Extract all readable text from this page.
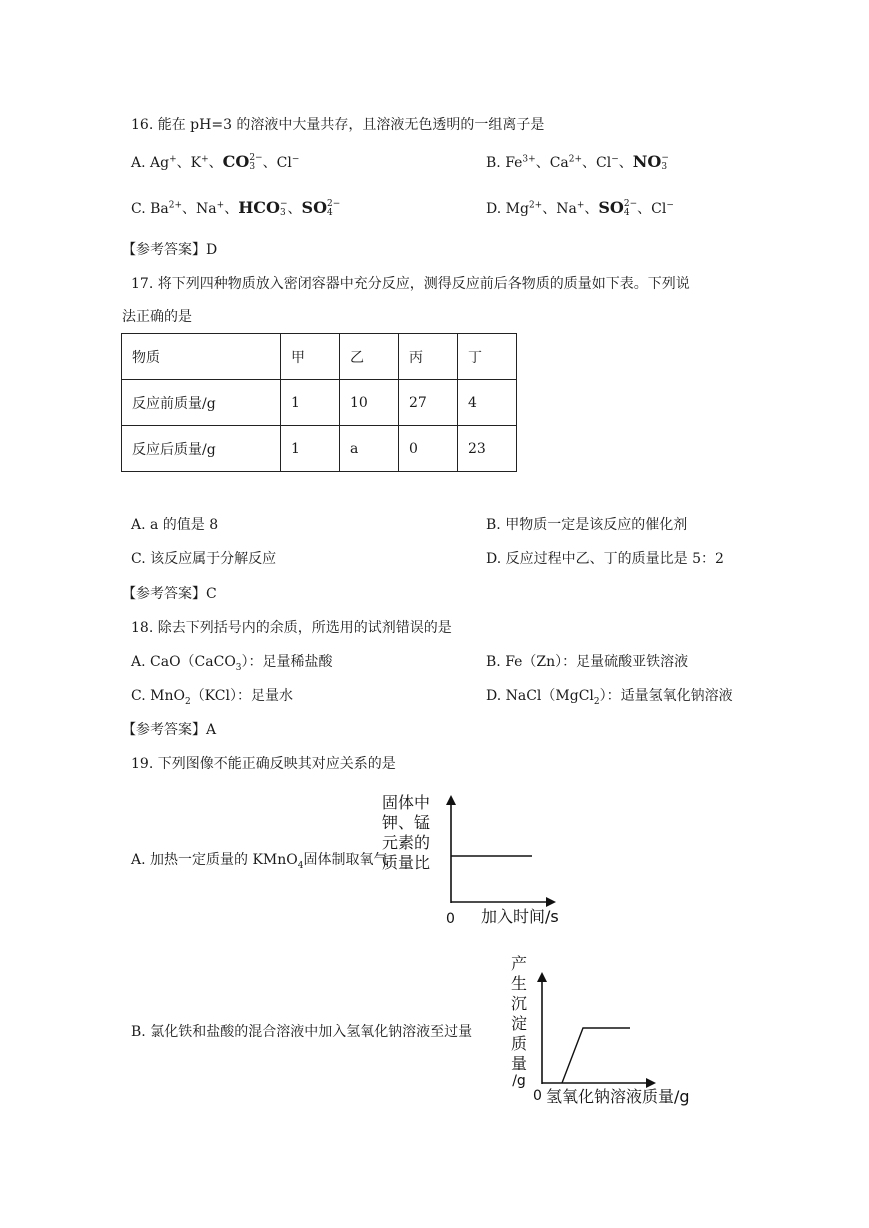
16. 能在 pH=3 的溶液中大量共存，且溶液无色透明的一组离子是
A. Ag+、K+、CO 2−
3 、Cl−	B. $Fe^{3+}$、$Ca^{2+}$、Cl−、NO −
3
C. $Ba^{2+}$、Na+、HCO −
3 、SO 2−
4	D. $Mg^{2+}$、Na+、SO 2−
4 、Cl−
【参考答案】D
17. 将下列四种物质放入密闭容器中充分反应，测得反应前后各物质的质量如下表。下列说
法正确的是
物质	甲	乙	丙	丁
反应前质量/g	1	10	27	4
反应后质量/g	1	a	0	23
A. a 的值是 8	B. 甲物质一定是该反应的催化剂
C. 该反应属于分解反应	D. 反应过程中乙、丁的质量比是 5：2
【参考答案】C
18. 除去下列括号内的余质，所选用的试剂错误的是
A. CaO（CaCO$_3$）：足量稀盐酸	B. Fe（Zn）：足量硫酸亚铁溶液
C. MnO$_2$（KCl）：足量水	D. NaCl（MgCl$_2$）：适量氢氧化钠溶液
【参考答案】A
19. 下列图像不能正确反映其对应关系的是
A. 加热一定质量的 KMnO$_4$固体制取氧气
固体中
钾、锰
元素的
质量比
0 加入时间/s
B. 氯化铁和盐酸的混合溶液中加入氢氧化钠溶液至过量
产
生
沉
淀
质
量
/g
0 氢氧化钠溶液质量/g
